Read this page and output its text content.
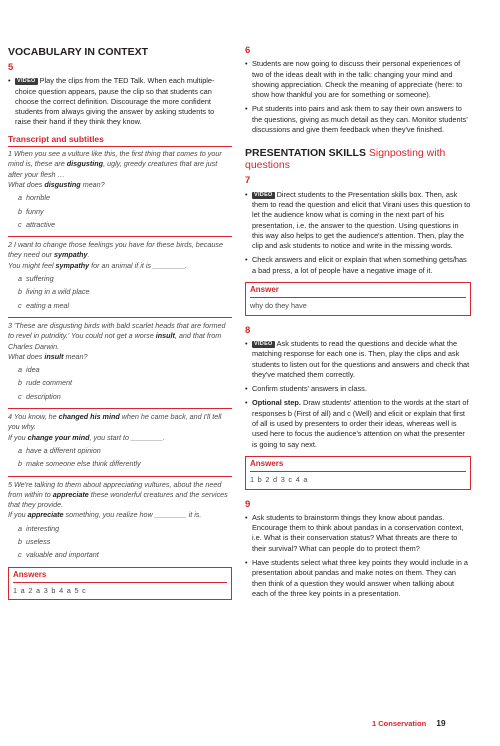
VOCABULARY IN CONTEXT
5
• VIDEO Play the clips from the TED Talk. When each multiple-choice question appears, pause the clip so that students can choose the correct definition. Discourage the more confident students from always giving the answer by asking students to raise their hand if they think they know.
Transcript and subtitles
1 When you see a vulture like this, the first thing that comes to your mind is, these are disgusting, ugly, greedy creatures that are just after your flesh …
What does disgusting mean?
a horrible
b funny
c attractive
2 I want to change those feelings you have for these birds, because they need our sympathy.
You might feel sympathy for an animal if it is ________.
a suffering
b living in a wild place
c eating a meal
3 'These are disgusting birds with bald scarlet heads that are formed to revel in putridity.' You could not get a worse insult, and that from Charles Darwin.
What does insult mean?
a idea
b rude comment
c description
4 You know, he changed his mind when he came back, and I'll tell you why.
If you change your mind, you start to ________.
a have a different opinion
b make someone else think differently
5 We're talking to them about appreciating vultures, about the need from within to appreciate these wonderful creatures and the services that they provide.
If you appreciate something, you realize how ________ it is.
a interesting
b useless
c valuable and important
Answers
1 a 2 a 3 b 4 a 5 c
6
• Students are now going to discuss their personal experiences of two of the ideas dealt with in the talk: changing your mind and showing appreciation. Check the meaning of appreciate (here: to show how thankful you are for something or someone).
• Put students into pairs and ask them to say their own answers to the questions, giving as much detail as they can. Monitor students' discussions and give them feedback when they've finished.
PRESENTATION SKILLS Signposting with questions
7
• VIDEO Direct students to the Presentation skills box. Then, ask them to read the question and elicit that Virani uses this question to let the audience know what is coming in the next part of his presentation, i.e. the answer to the question. Using questions in this way also helps to get the audience's attention. Then, play the clip and ask students to notice and write in the missing words.
• Check answers and elicit or explain that when something gets/has a bad press, a lot of people have a negative image of it.
Answer
why do they have
8
• VIDEO Ask students to read the questions and decide what the matching response for each one is. Then, play the clips and ask students to listen out for the questions and answers and check that they've matched them correctly.
• Confirm students' answers in class.
• Optional step. Draw students' attention to the words at the start of responses b (First of all) and c (Well) and elicit or explain that first of all is used by presenters to order their ideas, whereas well is used here to focus the audience's attention on what the presenter is going to say next.
Answers
1 b 2 d 3 c 4 a
9
• Ask students to brainstorm things they know about pandas. Encourage them to think about pandas in a conservation context, i.e. What is their conservation status? What threats are there to their survival? What can people do to protect them?
• Have students select what three key points they would include in a presentation about pandas and make notes on them. They can then think of a question they would answer when talking about each of the three key points in a presentation.
1 Conservation 19
